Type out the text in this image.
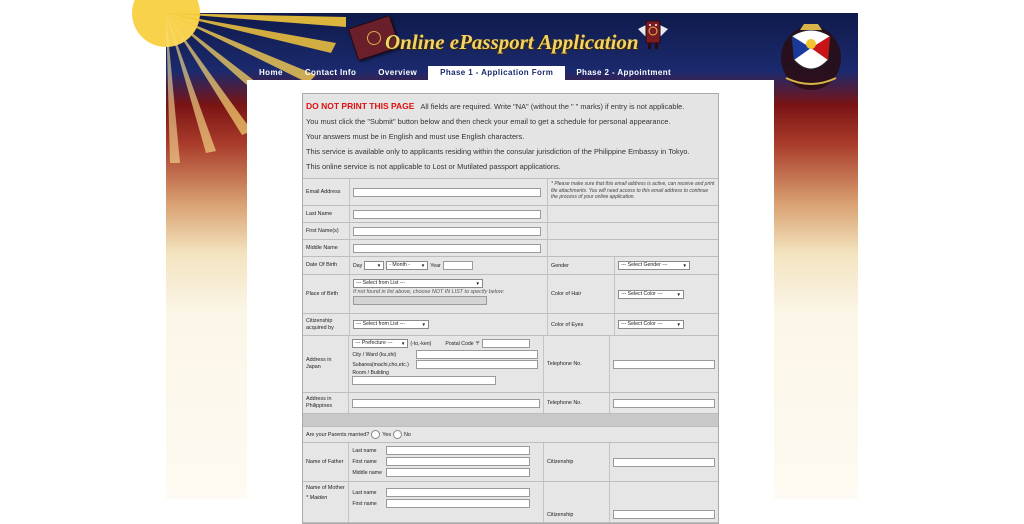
Online ePassport Application
Home	Contact Info	Overview	Phase 1 - Application Form	Phase 2 - Appointment
DO NOT PRINT THIS PAGE All fields are required. Write "NA" (without the " " marks) if entry is not applicable.
You must click the "Submit" button below and then check your email to get a schedule for personal appearance.
Your answers must be in English and must use English characters.
This service is available only to applicants residing within the consular jurisdiction of the Philippine Embassy in Tokyo.
This online service is not applicable to Lost or Mutilated passport applications.
Email Address
* Please make sure that this email address is active, can receive and print file attachments. You will need access to this email address to continue the process of your online application.
Last Name
First Name(s)
Middle Name
Date Of Birth	Day
▼	- Month - ▼	Year	Gender	--- Select Gender --- ▼
Place of Birth
--- Select from List --- ▼
If not found in list above, choose NOT IN LIST to specify below:	Color of Hair	--- Select Color --- ▼
Citizenship acquired by
--- Select from List --- ▼	Color of Eyes	--- Select Color --- ▼
Address in Japan
--- Prefecture --- ▼	(-to,-ken)	Postal Code 〒
City / Ward (ku,shi)
Subarea(machi,cho,etc.)
Room / Building
Telephone No.
Address in Philippines	Telephone No.
Are your Parents married? Yes No
Name of Father
Last name
First name
Middle name
Citizenship
Name of Mother
* Maiden
Last name
First name
Citizenship
